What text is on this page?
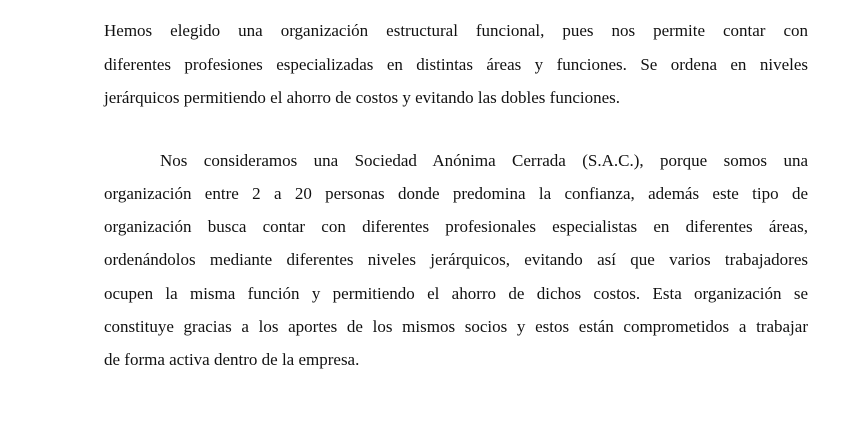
Hemos elegido una organización estructural funcional, pues nos permite contar con
diferentes profesiones especializadas en distintas áreas y funciones. Se ordena en niveles
jerárquicos permitiendo el ahorro de costos y evitando las dobles funciones.
Nos consideramos una Sociedad Anónima Cerrada (S.A.C.), porque somos una
organización entre 2 a 20 personas donde predomina la confianza, además este tipo de
organización busca contar con diferentes profesionales especialistas en diferentes áreas,
ordenándolos mediante diferentes niveles jerárquicos, evitando así que varios trabajadores
ocupen la misma función y permitiendo el ahorro de dichos costos. Esta organización se
constituye gracias a los aportes de los mismos socios y estos están comprometidos a trabajar
de forma activa dentro de la empresa.
